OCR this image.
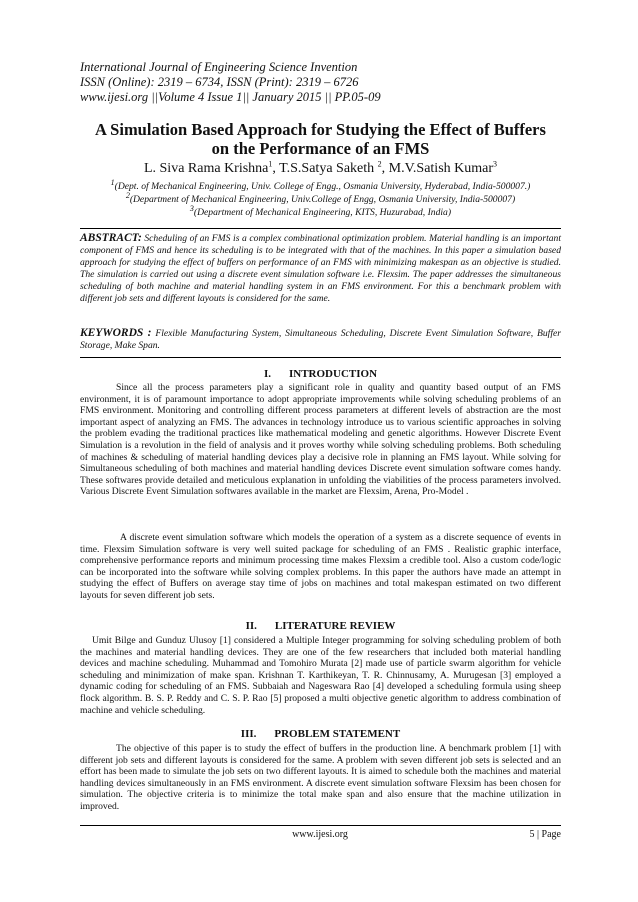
International Journal of Engineering Science Invention
ISSN (Online): 2319 – 6734, ISSN (Print): 2319 – 6726
www.ijesi.org ||Volume 4 Issue 1|| January 2015 || PP.05-09
A Simulation Based Approach for Studying the Effect of Buffers
on the Performance of an FMS
L. Siva Rama Krishna$^1$, T.S.Satya Saketh $^2$, M.V.Satish Kumar$^3$
$^1$(Dept. of Mechanical Engineering, Univ. College of Engg., Osmania University, Hyderabad, India-500007.)
$^2$(Department of Mechanical Engineering, Univ.College of Engg, Osmania University, India-500007)
$^3$(Department of Mechanical Engineering, KITS, Huzurabad, India)
ABSTRACT: Scheduling of an FMS is a complex combinational optimization problem. Material handling is an important component of FMS and hence its scheduling is to be integrated with that of the machines. In this paper a simulation based approach for studying the effect of buffers on performance of an FMS with minimizing makespan as an objective is studied. The simulation is carried out using a discrete event simulation software i.e. Flexsim. The paper addresses the simultaneous scheduling of both machine and material handling system in an FMS environment. For this a benchmark problem with different job sets and different layouts is considered for the same.
KEYWORDS : Flexible Manufacturing System, Simultaneous Scheduling, Discrete Event Simulation Software, Buffer Storage, Make Span.
I. INTRODUCTION
Since all the process parameters play a significant role in quality and quantity based output of an FMS environment, it is of paramount importance to adopt appropriate improvements while solving scheduling problems of an FMS environment. Monitoring and controlling different process parameters at different levels of abstraction are the most important aspect of analyzing an FMS. The advances in technology introduce us to various scientific approaches in solving the problem evading the traditional practices like mathematical modeling and genetic algorithms. However Discrete Event Simulation is a revolution in the field of analysis and it proves worthy while solving scheduling problems. Both scheduling of machines & scheduling of material handling devices play a decisive role in planning an FMS layout. While solving for Simultaneous scheduling of both machines and material handling devices Discrete event simulation software comes handy. These softwares provide detailed and meticulous explanation in unfolding the viabilities of the process parameters involved. Various Discrete Event Simulation softwares available in the market are Flexsim, Arena, Pro-Model .
A discrete event simulation software which models the operation of a system as a discrete sequence of events in time. Flexsim Simulation software is very well suited package for scheduling of an FMS . Realistic graphic interface, comprehensive performance reports and minimum processing time makes Flexsim a credible tool. Also a custom code/logic can be incorporated into the software while solving complex problems. In this paper the authors have made an attempt in studying the effect of Buffers on average stay time of jobs on machines and total makespan estimated on two different layouts for seven different job sets.
II. LITERATURE REVIEW
Umit Bilge and Gunduz Ulusoy [1] considered a Multiple Integer programming for solving scheduling problem of both the machines and material handling devices. They are one of the few researchers that included both material handling devices and machine scheduling. Muhammad and Tomohiro Murata [2] made use of particle swarm algorithm for vehicle scheduling and minimization of make span. Krishnan T. Karthikeyan, T. R. Chinnusamy, A. Murugesan [3] employed a dynamic coding for scheduling of an FMS. Subbaiah and Nageswara Rao [4] developed a scheduling formula using sheep flock algorithm. B. S. P. Reddy and C. S. P. Rao [5] proposed a multi objective genetic algorithm to address combination of machine and vehicle scheduling.
III. PROBLEM STATEMENT
The objective of this paper is to study the effect of buffers in the production line. A benchmark problem [1] with different job sets and different layouts is considered for the same. A problem with seven different job sets is selected and an effort has been made to simulate the job sets on two different layouts. It is aimed to schedule both the machines and material handling devices simultaneously in an FMS environment. A discrete event simulation software Flexsim has been chosen for simulation. The objective criteria is to minimize the total make span and also ensure that the machine utilization in improved.
www.ijesi.org	5 | Page
